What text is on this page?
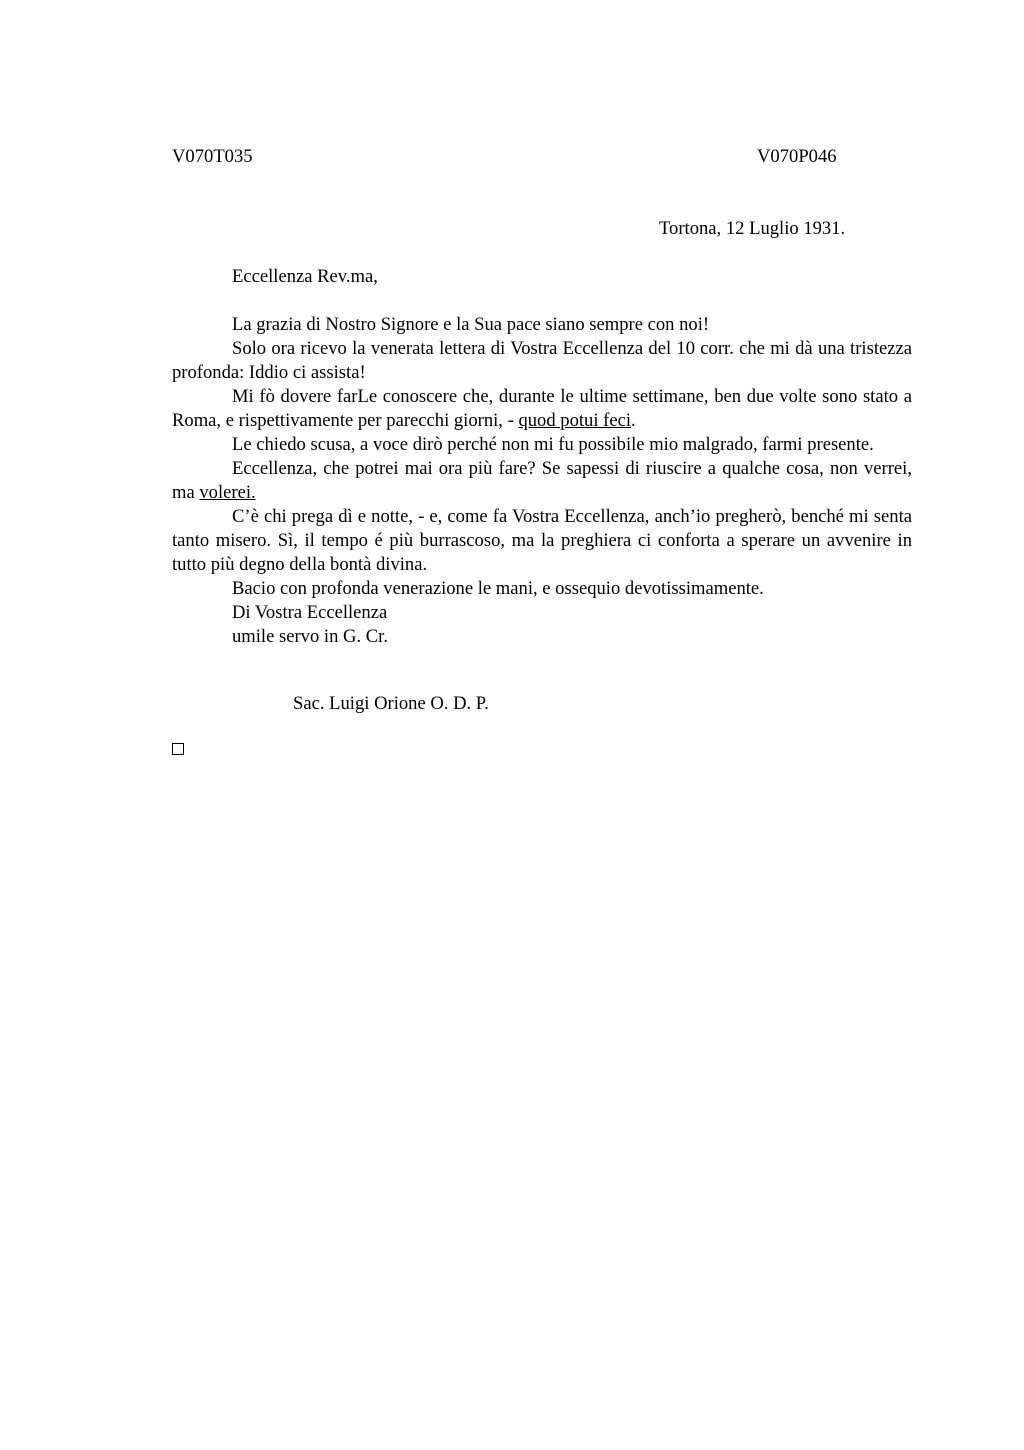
V070T035	V070P046
Tortona, 12 Luglio 1931.
Eccellenza Rev.ma,

La grazia di Nostro Signore e la Sua pace siano sempre con noi!

Solo ora ricevo la venerata lettera di Vostra Eccellenza del 10 corr. che mi dà una tristezza profonda: Iddio ci assista!

Mi fò dovere farLe conoscere che, durante le ultime settimane, ben due volte sono stato a Roma, e rispettivamente per parecchi giorni, - quod potui feci.

Le chiedo scusa, a voce dirò perché non mi fu possibile mio malgrado, farmi presente.

Eccellenza, che potrei mai ora più fare? Se sapessi di riuscire a qualche cosa, non verrei, ma volerei.

C’è chi prega dì e notte, - e, come fa Vostra Eccellenza, anch’io pregherò, benché mi senta tanto misero. Sì, il tempo é più burrascoso, ma la preghiera ci conforta a sperare un avvenire in tutto più degno della bontà divina.

Bacio con profonda venerazione le mani, e ossequio devotissimamente.

Di Vostra Eccellenza

umile servo in G. Cr.

Sac. Luigi Orione O. D. P.
